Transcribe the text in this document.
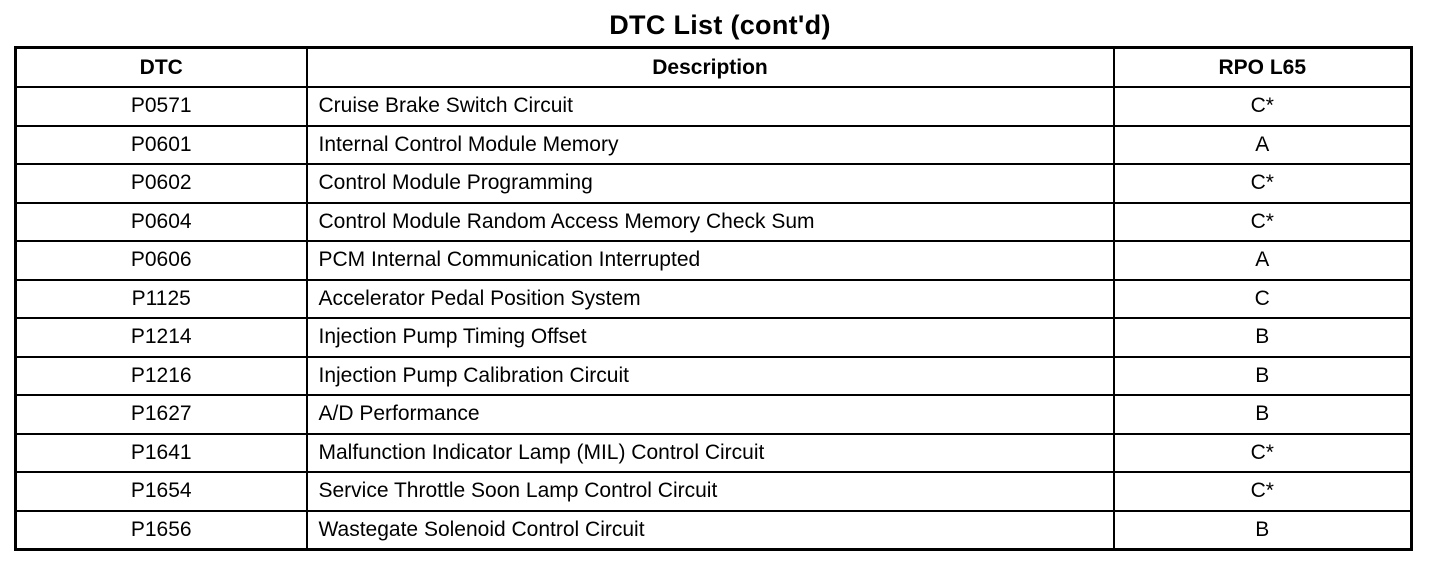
DTC List (cont'd)
DTC	Description	RPO L65
P0571	Cruise Brake Switch Circuit	C*
P0601	Internal Control Module Memory	A
P0602	Control Module Programming	C*
P0604	Control Module Random Access Memory Check Sum	C*
P0606	PCM Internal Communication Interrupted	A
P1125	Accelerator Pedal Position System	C
P1214	Injection Pump Timing Offset	B
P1216	Injection Pump Calibration Circuit	B
P1627	A/D Performance	B
P1641	Malfunction Indicator Lamp (MIL) Control Circuit	C*
P1654	Service Throttle Soon Lamp Control Circuit	C*
P1656	Wastegate Solenoid Control Circuit	B
